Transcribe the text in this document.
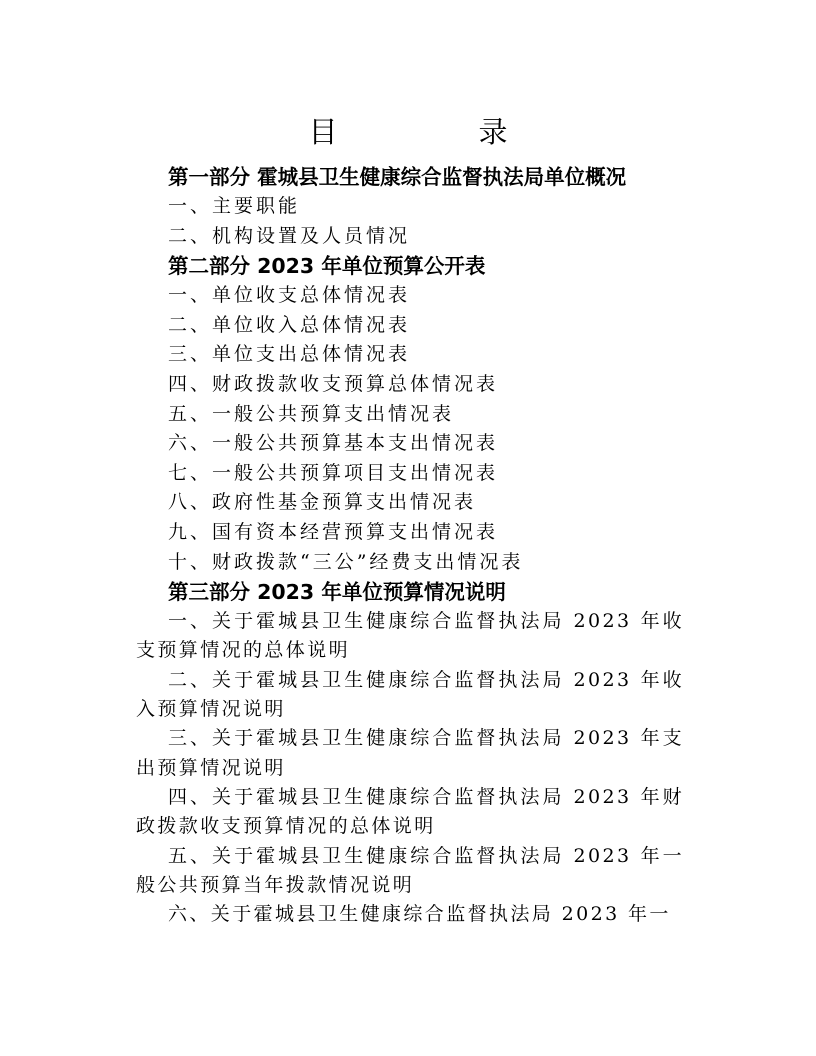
目　录
第一部分 霍城县卫生健康综合监督执法局单位概况
一、主要职能
二、机构设置及人员情况
第二部分 2023 年单位预算公开表
一、单位收支总体情况表
二、单位收入总体情况表
三、单位支出总体情况表
四、财政拨款收支预算总体情况表
五、一般公共预算支出情况表
六、一般公共预算基本支出情况表
七、一般公共预算项目支出情况表
八、政府性基金预算支出情况表
九、国有资本经营预算支出情况表
十、财政拨款“三公”经费支出情况表
第三部分 2023 年单位预算情况说明
一、关于霍城县卫生健康综合监督执法局 2023 年收支预算情况的总体说明
二、关于霍城县卫生健康综合监督执法局 2023 年收入预算情况说明
三、关于霍城县卫生健康综合监督执法局 2023 年支出预算情况说明
四、关于霍城县卫生健康综合监督执法局 2023 年财政拨款收支预算情况的总体说明
五、关于霍城县卫生健康综合监督执法局 2023 年一般公共预算当年拨款情况说明
六、关于霍城县卫生健康综合监督执法局 2023 年一
